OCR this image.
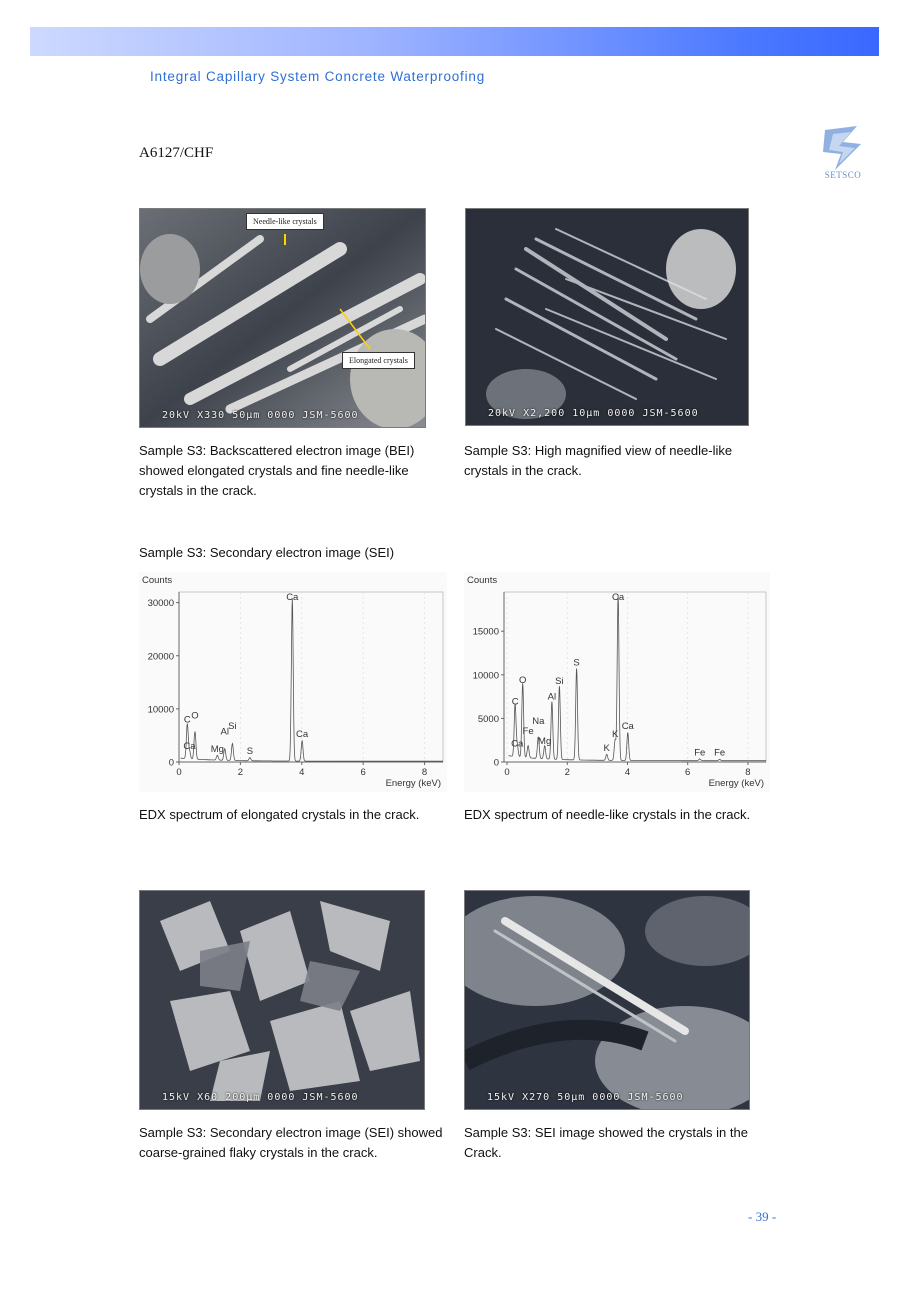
Integral Capillary System Concrete Waterproofing
A6127/CHF
SETSCO
Needle-like crystals
Elongated crystals
20kV X330 50µm 0000 JSM-5600	20kV X2,200 10µm 0000 JSM-5600
Sample S3: Backscattered electron image (BEI) showed elongated crystals and fine needle-like crystals in the crack.
Sample S3: High magnified view of needle-like crystals in the crack.
Sample S3: Secondary electron image (SEI)
0
10000
20000
30000
0	2	4	6	8
Counts
Energy (keV)
C O
Ca Mg
Al Si
S
Ca
Ca
0
5000
10000
15000
0	2	4	6	8
Counts
Energy (keV)
C
O
Ca
Fe
Na
Mg
Al
Si
S
K
K
Ca
Ca
Fe Fe
EDX spectrum of elongated crystals in the crack.	EDX spectrum of needle-like crystals in the crack.
15kV X60 200µm 0000 JSM-5600	15kV X270 50µm 0000 JSM-5600
Sample S3: Secondary electron image (SEI) showed coarse-grained flaky crystals in the crack.
Sample S3: SEI image showed the crystals in the Crack.
- 39 -
